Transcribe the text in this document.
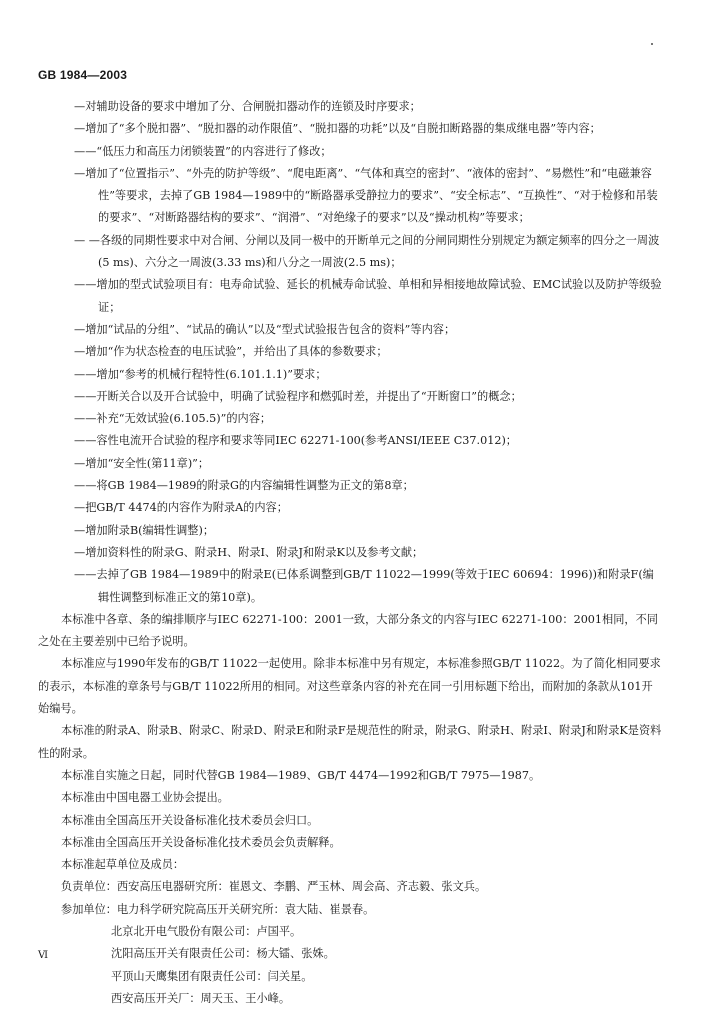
GB 1984—2003
—对辅助设备的要求中增加了分、合闸脱扣器动作的连锁及时序要求；
—增加了“多个脱扣器”、“脱扣器的动作限值”、“脱扣器的功耗”以及“自脱扣断路器的集成继电器”等内容；
——“低压力和高压力闭锁装置”的内容进行了修改；
—增加了“位置指示”、“外壳的防护等级”、“爬电距离”、“气体和真空的密封”、“液体的密封”、“易燃性”和“电磁兼容性”等要求，去掉了GB 1984—1989中的“断路器承受静拉力的要求”、“安全标志”、“互换性”、“对于检修和吊装的要求”、“对断路器结构的要求”、“润滑”、“对绝缘子的要求”以及“操动机构”等要求；
— —各级的同期性要求中对合闸、分闸以及同一极中的开断单元之间的分闸同期性分别规定为额定频率的四分之一周波(5 ms)、六分之一周波(3.33 ms)和八分之一周波(2.5 ms)；
——增加的型式试验项目有：电寿命试验、延长的机械寿命试验、单相和异相接地故障试验、EMC试验以及防护等级验证；
—增加“试品的分组”、“试品的确认”以及“型式试验报告包含的资料”等内容；
—增加“作为状态检查的电压试验”，并给出了具体的参数要求；
——增加“参考的机械行程特性(6.101.1.1)”要求；
——开断关合以及开合试验中，明确了试验程序和燃弧时差，并提出了“开断窗口”的概念；
——补充“无效试验(6.105.5)”的内容；
——容性电流开合试验的程序和要求等同IEC 62271-100(参考ANSI/IEEE C37.012)；
—增加“安全性(第11章)”；
——将GB 1984—1989的附录G的内容编辑性调整为正文的第8章；
—把GB/T 4474的内容作为附录A的内容；
—增加附录B(编辑性调整)；
—增加资料性的附录G、附录H、附录I、附录J和附录K以及参考文献；
——去掉了GB 1984—1989中的附录E(已体系调整到GB/T 11022—1999(等效于IEC 60694：1996))和附录F(编辑性调整到标准正文的第10章)。
本标准中各章、条的编排顺序与IEC 62271-100：2001一致，大部分条文的内容与IEC 62271-100：2001相同，不同之处在主要差别中已给予说明。
本标准应与1990年发布的GB/T 11022一起使用。除非本标准中另有规定，本标准参照GB/T 11022。为了简化相同要求的表示，本标准的章条号与GB/T 11022所用的相同。对这些章条内容的补充在同一引用标题下给出，而附加的条款从101开始编号。
本标准的附录A、附录B、附录C、附录D、附录E和附录F是规范性的附录，附录G、附录H、附录I、附录J和附录K是资料性的附录。
本标准自实施之日起，同时代替GB 1984—1989、GB/T 4474—1992和GB/T 7975—1987。
本标准由中国电器工业协会提出。
本标准由全国高压开关设备标准化技术委员会归口。
本标准由全国高压开关设备标准化技术委员会负责解释。
本标准起草单位及成员：
负责单位：西安高压电器研究所：崔恩文、李鹏、严玉林、周会高、齐志毅、张文兵。
参加单位：电力科学研究院高压开关研究所：袁大陆、崔景春。
北京北开电气股份有限公司：卢国平。
沈阳高压开关有限责任公司：杨大镭、张姝。
平顶山天鹰集团有限责任公司：闫关星。
西安高压开关厂：周天玉、王小峰。
Ⅵ
